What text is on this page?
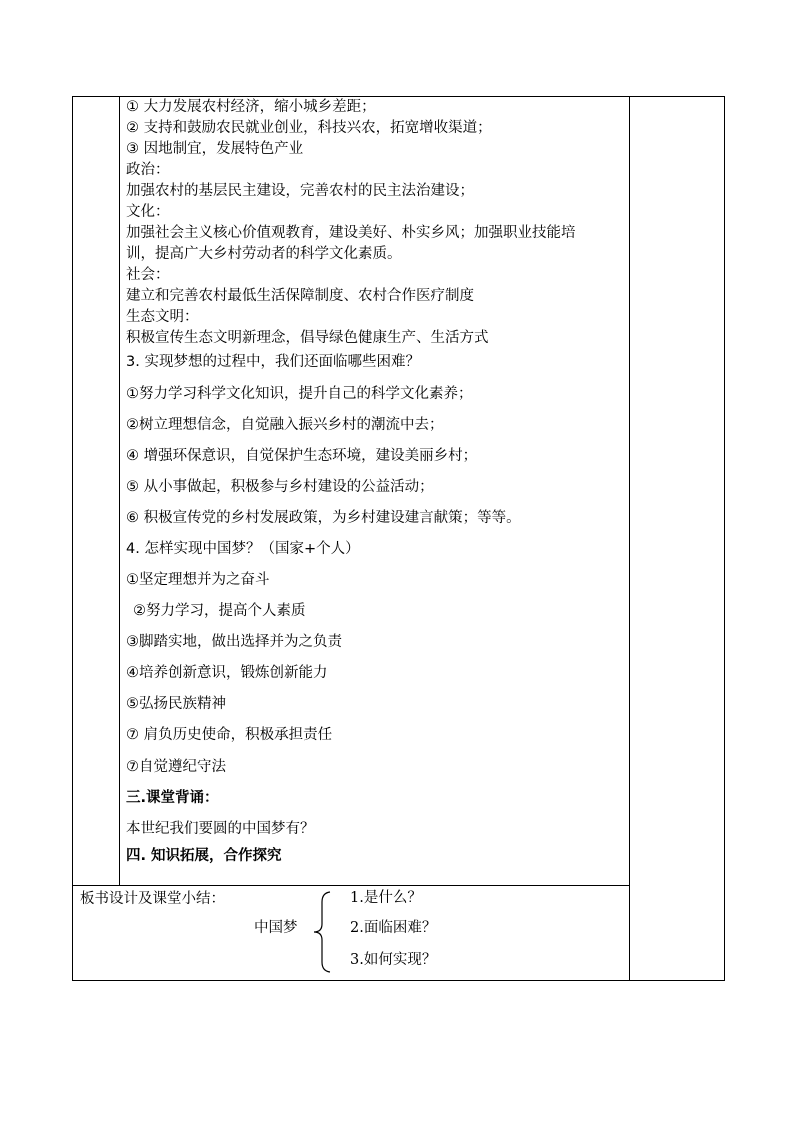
① 大力发展农村经济，缩小城乡差距；
② 支持和鼓励农民就业创业，科技兴农，拓宽增收渠道；
③ 因地制宜，发展特色产业
政治：
加强农村的基层民主建设，完善农村的民主法治建设；
文化：
加强社会主义核心价值观教育，建设美好、朴实乡风；加强职业技能培
训，提高广大乡村劳动者的科学文化素质。
社会：
建立和完善农村最低生活保障制度、农村合作医疗制度
生态文明：
积极宣传生态文明新理念，倡导绿色健康生产、生活方式
3. 实现梦想的过程中，我们还面临哪些困难？
①努力学习科学文化知识，提升自己的科学文化素养；
②树立理想信念，自觉融入振兴乡村的潮流中去；
④ 增强环保意识，自觉保护生态环境，建设美丽乡村；
⑤ 从小事做起，积极参与乡村建设的公益活动；
⑥ 积极宣传党的乡村发展政策，为乡村建设建言献策；等等。
4. 怎样实现中国梦？（国家+个人）
①坚定理想并为之奋斗
②努力学习，提高个人素质
③脚踏实地，做出选择并为之负责
④培养创新意识，锻炼创新能力
⑤弘扬民族精神
⑦ 肩负历史使命，积极承担责任
⑦自觉遵纪守法
三.课堂背诵：
本世纪我们要圆的中国梦有？
四. 知识拓展，合作探究
板书设计及课堂小结：
中国梦
1.是什么？
2.面临困难？
3.如何实现？
